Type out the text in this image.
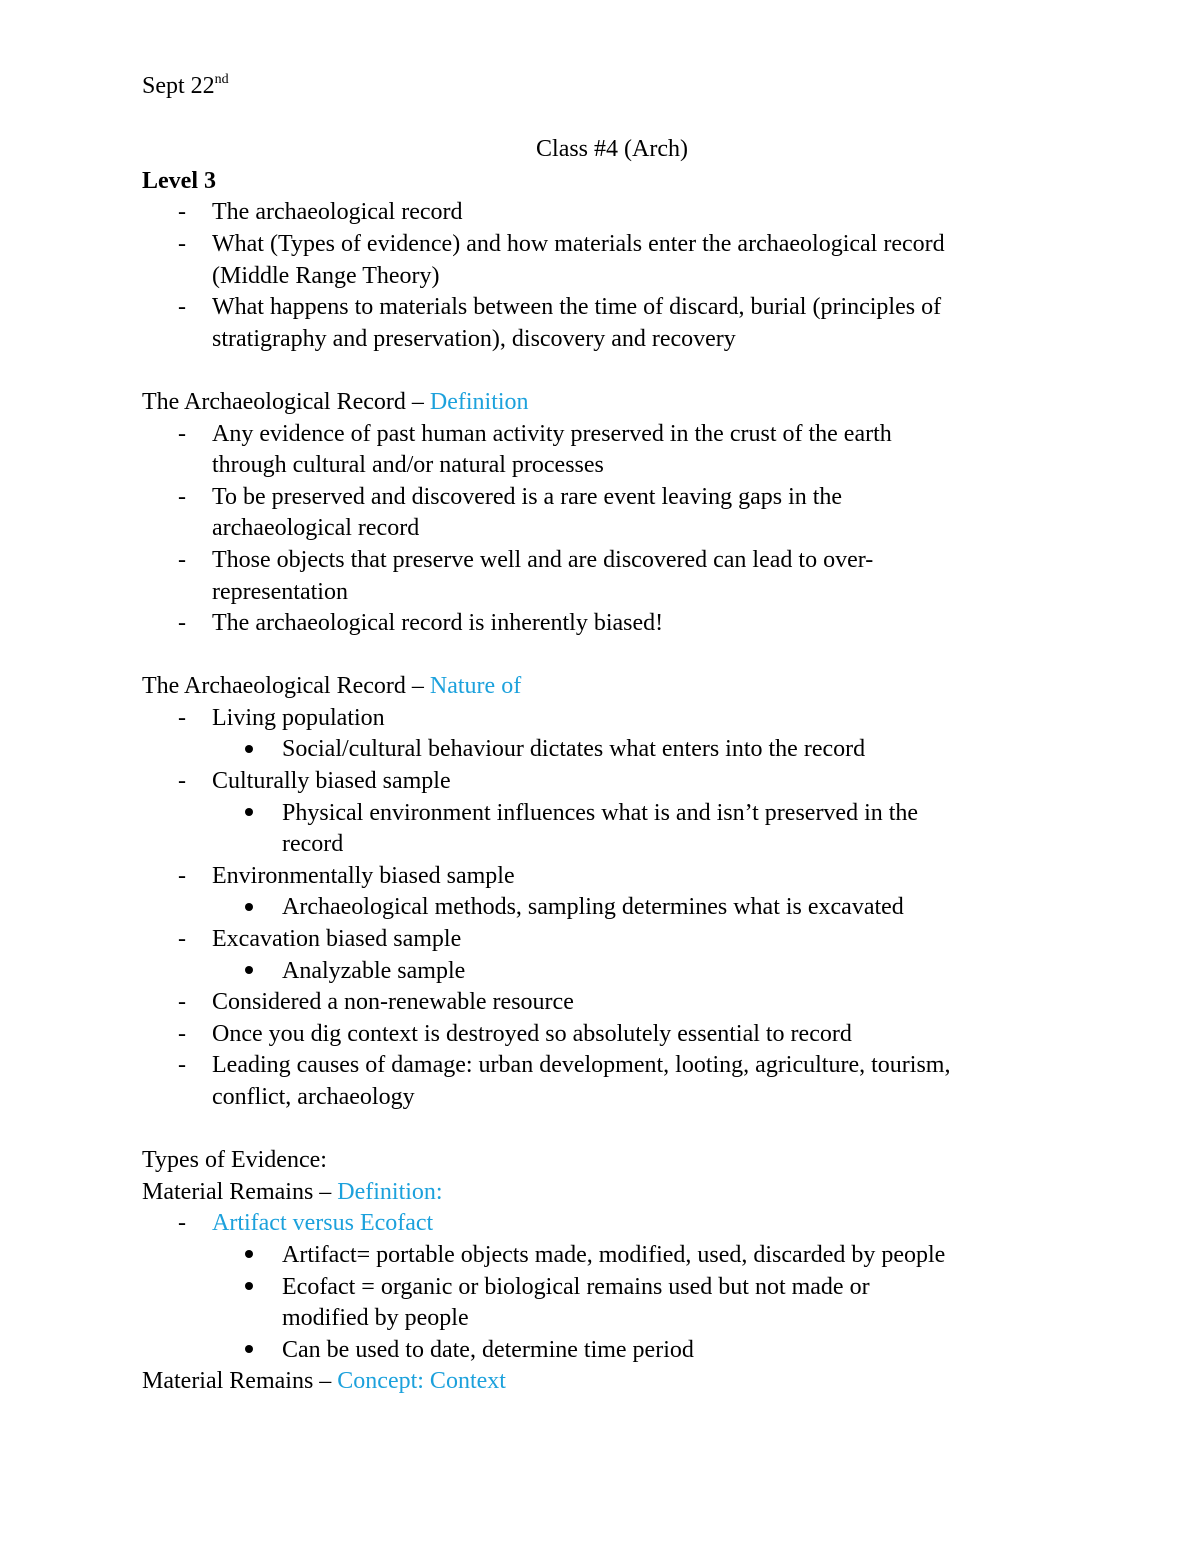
Sept 22nd
Class #4 (Arch)
Level 3
- The archaeological record
- What (Types of evidence) and how materials enter the archaeological record
(Middle Range Theory)
- What happens to materials between the time of discard, burial (principles of
stratigraphy and preservation), discovery and recovery
The Archaeological Record – Definition
- Any evidence of past human activity preserved in the crust of the earth
through cultural and/or natural processes
- To be preserved and discovered is a rare event leaving gaps in the
archaeological record
- Those objects that preserve well and are discovered can lead to over-
representation
- The archaeological record is inherently biased!
The Archaeological Record – Nature of
- Living population
Social/cultural behaviour dictates what enters into the record
- Culturally biased sample
Physical environment influences what is and isn’t preserved in the
record
- Environmentally biased sample
Archaeological methods, sampling determines what is excavated
- Excavation biased sample
Analyzable sample
- Considered a non-renewable resource
- Once you dig context is destroyed so absolutely essential to record
- Leading causes of damage: urban development, looting, agriculture, tourism,
conflict, archaeology
Types of Evidence:
Material Remains – Definition:
- Artifact versus Ecofact
Artifact= portable objects made, modified, used, discarded by people
Ecofact = organic or biological remains used but not made or
modified by people
Can be used to date, determine time period
Material Remains – Concept: Context
